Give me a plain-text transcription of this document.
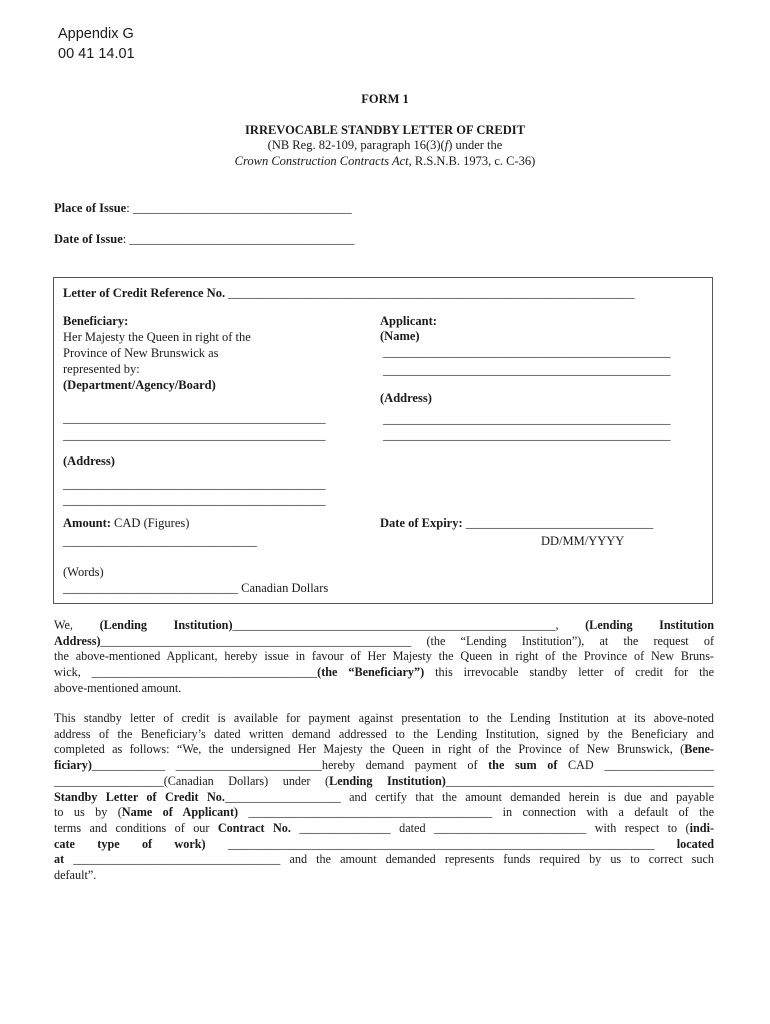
Appendix G
00 41 14.01
FORM 1
IRREVOCABLE STANDBY LETTER OF CREDIT
(NB Reg. 82-109, paragraph 16(3)(f) under the
Crown Construction Contracts Act, R.S.N.B. 1973, c. C-36)
Place of Issue: ___________________________________
Date of Issue: ____________________________________
Letter of Credit Reference No. _________________________________________________________________
Beneficiary:
Her Majesty the Queen in right of the
Province of New Brunswick as
represented by:
(Department/Agency/Board)
__________________________________________
__________________________________________
(Address)
__________________________________________
__________________________________________
Amount: CAD (Figures)
_______________________________
(Words)
____________________________ Canadian Dollars
Applicant:
(Name)
______________________________________________
______________________________________________
(Address)
______________________________________________
______________________________________________
Date of Expiry: ______________________________
DD/MM/YYYY
We, (Lending Institution)_____________________________________________________, (Lending Institution
Address)___________________________________________________ (the “Lending Institution”), at the request of
the above-mentioned Applicant, hereby issue in favour of Her Majesty the Queen in right of the Province of New Bruns-
wick, _____________________________________(the “Beneficiary”) this irrevocable standby letter of credit for the
above-mentioned amount.
This standby letter of credit is available for payment against presentation to the Lending Institution at its above-noted
address of the Beneficiary’s dated written demand addressed to the Lending Institution, signed by the Beneficiary and
completed as follows: “We, the undersigned Her Majesty the Queen in right of the Province of New Brunswick, (Bene-
ficiary)____________ ________________________hereby demand payment of the sum of CAD __________________
__________________(Canadian Dollars) under (Lending Institution)____________________________________________
Standby Letter of Credit No.___________________ and certify that the amount demanded herein is due and payable
to us by (Name of Applicant) ________________________________________ in connection with a default of the
terms and conditions of our Contract No. _______________ dated _________________________ with respect to (indi-
cate type of work) ______________________________________________________________________ located
at __________________________________ and the amount demanded represents funds required by us to correct such
default”.
